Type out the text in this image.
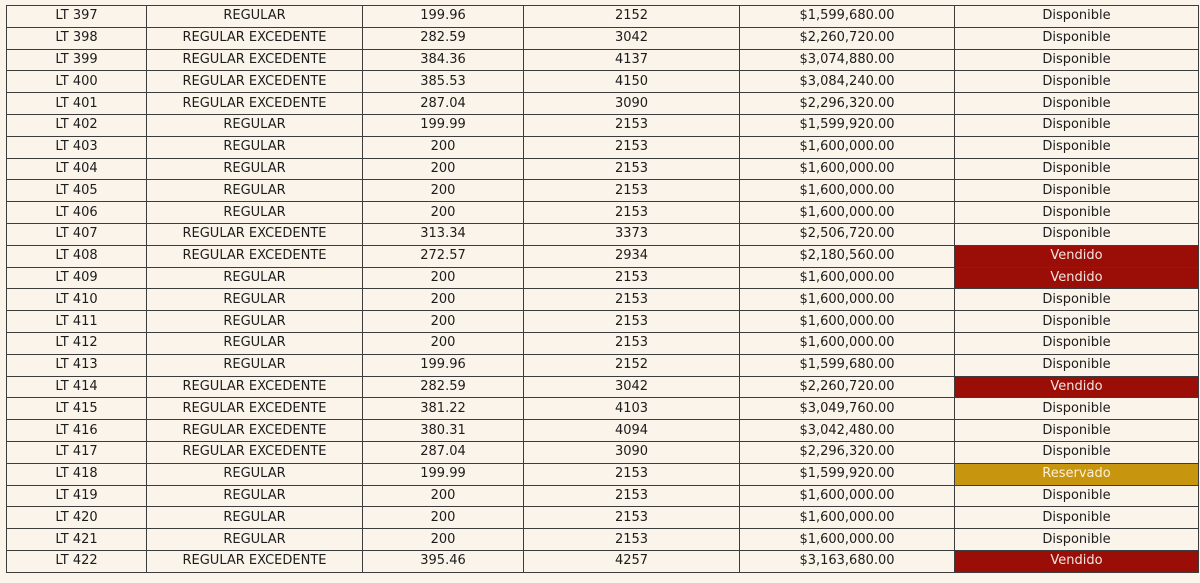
LT 397	REGULAR	199.96	2152	$1,599,680.00	Disponible
LT 398	REGULAR EXCEDENTE	282.59	3042	$2,260,720.00	Disponible
LT 399	REGULAR EXCEDENTE	384.36	4137	$3,074,880.00	Disponible
LT 400	REGULAR EXCEDENTE	385.53	4150	$3,084,240.00	Disponible
LT 401	REGULAR EXCEDENTE	287.04	3090	$2,296,320.00	Disponible
LT 402	REGULAR	199.99	2153	$1,599,920.00	Disponible
LT 403	REGULAR	200	2153	$1,600,000.00	Disponible
LT 404	REGULAR	200	2153	$1,600,000.00	Disponible
LT 405	REGULAR	200	2153	$1,600,000.00	Disponible
LT 406	REGULAR	200	2153	$1,600,000.00	Disponible
LT 407	REGULAR EXCEDENTE	313.34	3373	$2,506,720.00	Disponible
LT 408	REGULAR EXCEDENTE	272.57	2934	$2,180,560.00	Vendido
LT 409	REGULAR	200	2153	$1,600,000.00	Vendido
LT 410	REGULAR	200	2153	$1,600,000.00	Disponible
LT 411	REGULAR	200	2153	$1,600,000.00	Disponible
LT 412	REGULAR	200	2153	$1,600,000.00	Disponible
LT 413	REGULAR	199.96	2152	$1,599,680.00	Disponible
LT 414	REGULAR EXCEDENTE	282.59	3042	$2,260,720.00	Vendido
LT 415	REGULAR EXCEDENTE	381.22	4103	$3,049,760.00	Disponible
LT 416	REGULAR EXCEDENTE	380.31	4094	$3,042,480.00	Disponible
LT 417	REGULAR EXCEDENTE	287.04	3090	$2,296,320.00	Disponible
LT 418	REGULAR	199.99	2153	$1,599,920.00	Reservado
LT 419	REGULAR	200	2153	$1,600,000.00	Disponible
LT 420	REGULAR	200	2153	$1,600,000.00	Disponible
LT 421	REGULAR	200	2153	$1,600,000.00	Disponible
LT 422	REGULAR EXCEDENTE	395.46	4257	$3,163,680.00	Vendido
